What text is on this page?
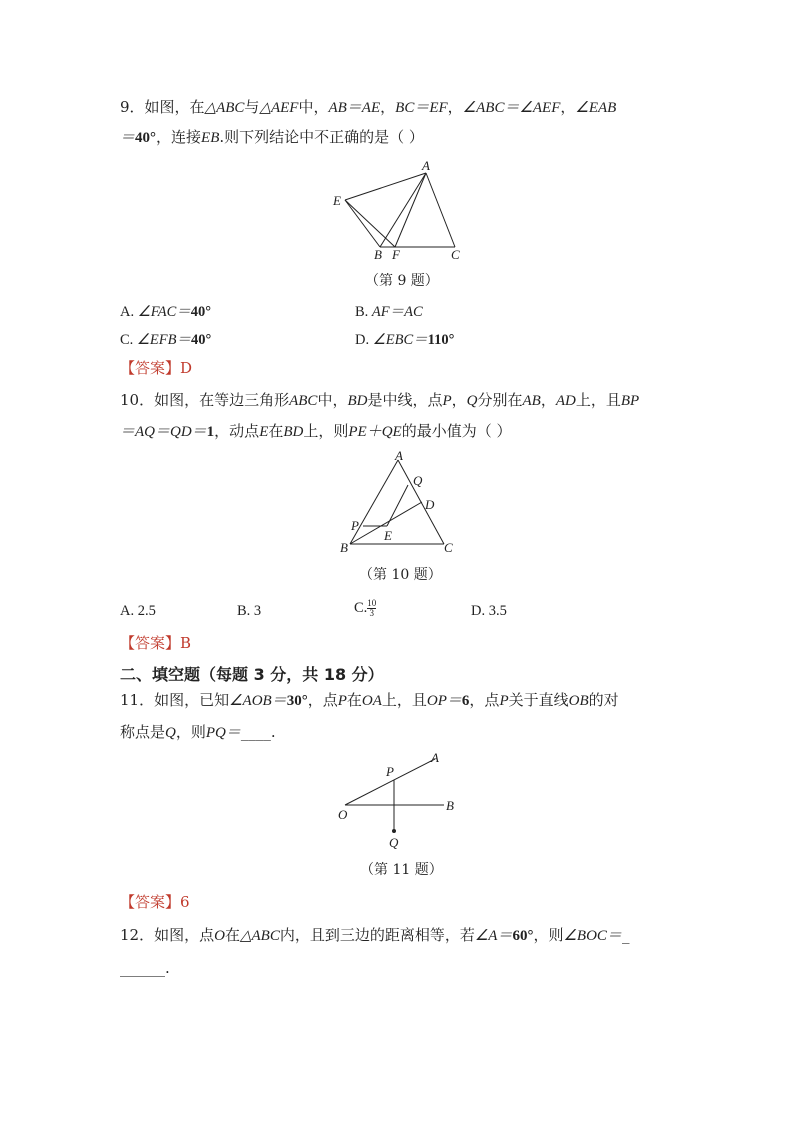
9．如图，在△ABC与△AEF中，AB＝AE，BC＝EF，∠ABC＝∠AEF，∠EAB
＝40°，连接EB.则下列结论中不正确的是（ ）
A
E
B F	C
（第 9 题）
A. ∠FAC＝40°	B. AF＝AC
C. ∠EFB＝40°	D. ∠EBC＝110°
【答案】D
10．如图，在等边三角形ABC中，BD是中线，点P，Q分别在AB，AD上，且BP
＝AQ＝QD＝1，动点E在BD上，则PE＋QE的最小值为（ ）
A
Q
D
P
E
B	C
（第 10 题）
A. 2.5	B. 3	C. $\frac{10}{3}$	D. 3.5
【答案】B
二、填空题（每题 3 分，共 18 分）
11．如图，已知∠AOB＝30°，点P在OA上，且OP＝6，点P关于直线OB的对
称点是Q，则PQ＝____.
A
P
O
B
Q
（第 11 题）
【答案】6
12．如图，点O在△ABC内，且到三边的距离相等，若∠A＝60°，则∠BOC＝_
______.
